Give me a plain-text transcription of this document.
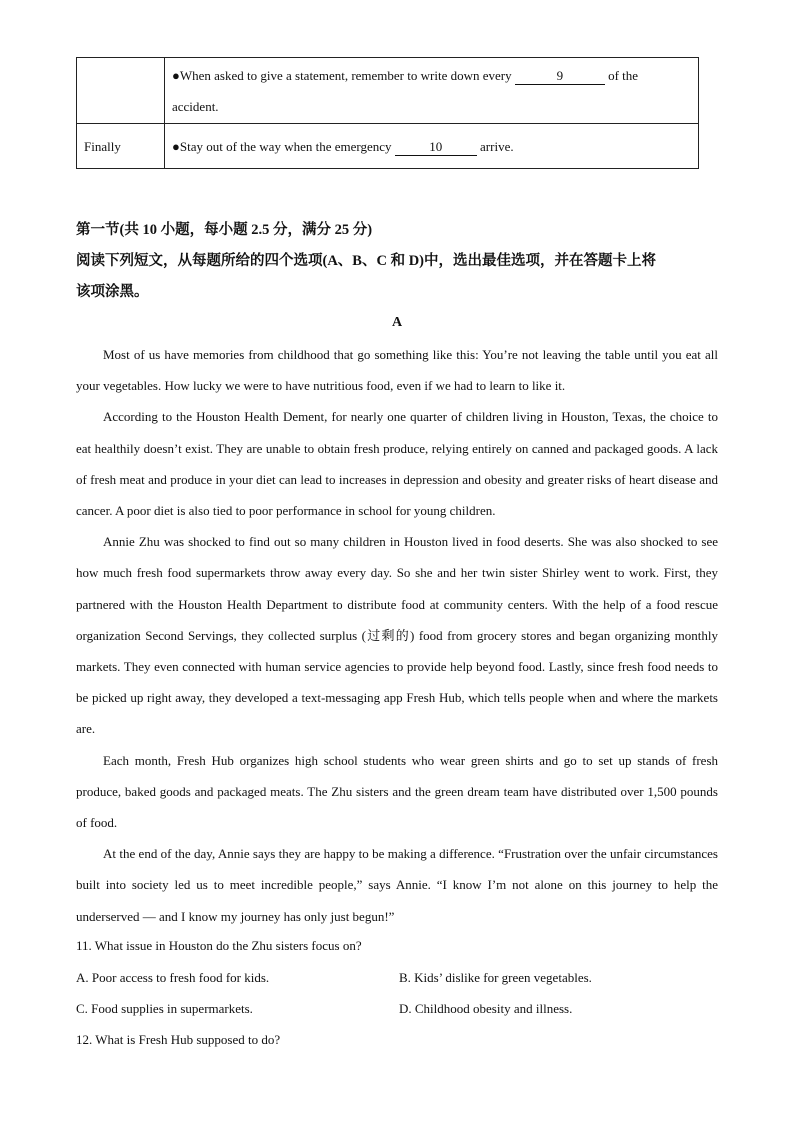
	●When asked to give a statement, remember to write down every 9 of the
accident.

Finally	●Stay out of the way when the emergency 10 arrive.
第一节(共 10 小题，每小题 2.5 分，满分 25 分)
阅读下列短文，从每题所给的四个选项(A、B、C 和 D)中，选出最佳选项，并在答题卡上将
该项涂黑。
A

Most of us have memories from childhood that go something like this: You’re not leaving the table until you eat all your vegetables. How lucky we were to have nutritious food, even if we had to learn to like it.

According to the Houston Health Dement, for nearly one quarter of children living in Houston, Texas, the choice to eat healthily doesn’t exist. They are unable to obtain fresh produce, relying entirely on canned and packaged goods. A lack of fresh meat and produce in your diet can lead to increases in depression and obesity and greater risks of heart disease and cancer. A poor diet is also tied to poor performance in school for young children.

Annie Zhu was shocked to find out so many children in Houston lived in food deserts. She was also shocked to see how much fresh food supermarkets throw away every day. So she and her twin sister Shirley went to work. First, they partnered with the Houston Health Department to distribute food at community centers. With the help of a food rescue organization Second Servings, they collected surplus (过剩的) food from grocery stores and began organizing monthly markets. They even connected with human service agencies to provide help beyond food. Lastly, since fresh food needs to be picked up right away, they developed a text-messaging app Fresh Hub, which tells people when and where the markets are.

Each month, Fresh Hub organizes high school students who wear green shirts and go to set up stands of fresh produce, baked goods and packaged meats. The Zhu sisters and the green dream team have distributed over 1,500 pounds of food.

At the end of the day, Annie says they are happy to be making a difference. “Frustration over the unfair circumstances built into society led us to meet incredible people,” says Annie. “I know I’m not alone on this journey to help the underserved — and I know my journey has only just begun!”

11. What issue in Houston do the Zhu sisters focus on?
A. Poor access to fresh food for kids.	B. Kids’ dislike for green vegetables.
C. Food supplies in supermarkets.	D. Childhood obesity and illness.
12. What is Fresh Hub supposed to do?
